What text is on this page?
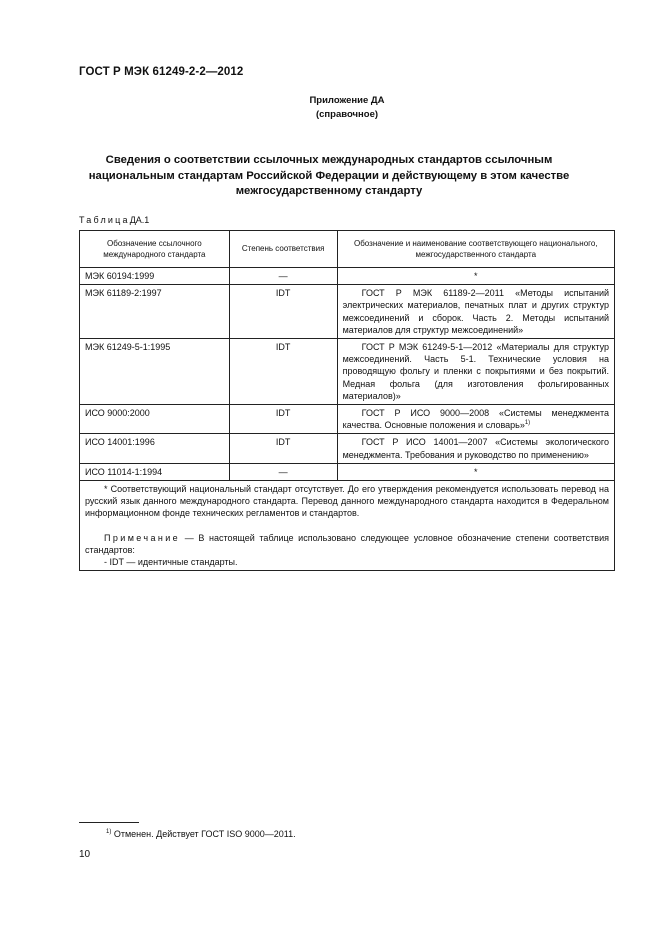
ГОСТ Р МЭК 61249-2-2—2012
Приложение ДА
(справочное)
Сведения о соответствии ссылочных международных стандартов ссылочным
национальным стандартам Российской Федерации и действующему в этом качестве
межгосударственному стандарту
ТаблицаДА.1
Обозначение ссылочного международного стандарта	Степень соответствия	Обозначение и наименование соответствующего национального, межгосударственного стандарта
МЭК 60194:1999	—	*
МЭК 61189-2:1997	IDT	ГОСТ Р МЭК 61189-2—2011 «Методы испытаний электрических материалов, печатных плат и других структур межсоединений и сборок. Часть 2. Методы испытаний материалов для структур межсоединений»
МЭК 61249-5-1:1995	IDT	ГОСТ Р МЭК 61249-5-1—2012 «Материалы для структур межсоединений. Часть 5-1. Технические условия на проводящую фольгу и пленки с покрытиями и без покрытий. Медная фольга (для изготовления фольгированных материалов)»
ИСО 9000:2000	IDT	ГОСТ Р ИСО 9000—2008 «Системы менеджмента качества. Основные положения и словарь»$^{1)}$
ИСО 14001:1996	IDT	ГОСТ Р ИСО 14001—2007 «Системы экологического менеджмента. Требования и руководство по применению»
ИСО 11014-1:1994	—	*

* Соответствующий национальный стандарт отсутствует. До его утверждения рекомендуется использовать перевод на русский язык данного международного стандарта. Перевод данного международного стандарта находится в Федеральном информационном фонде технических регламентов и стандартов.

Примечание — В настоящей таблице использовано следующее условное обозначение степени соответствия стандартов:

- IDT — идентичные стандарты.		

$^{1)}$ Отменен. Действует ГОСТ ISO 9000—2011.
10
